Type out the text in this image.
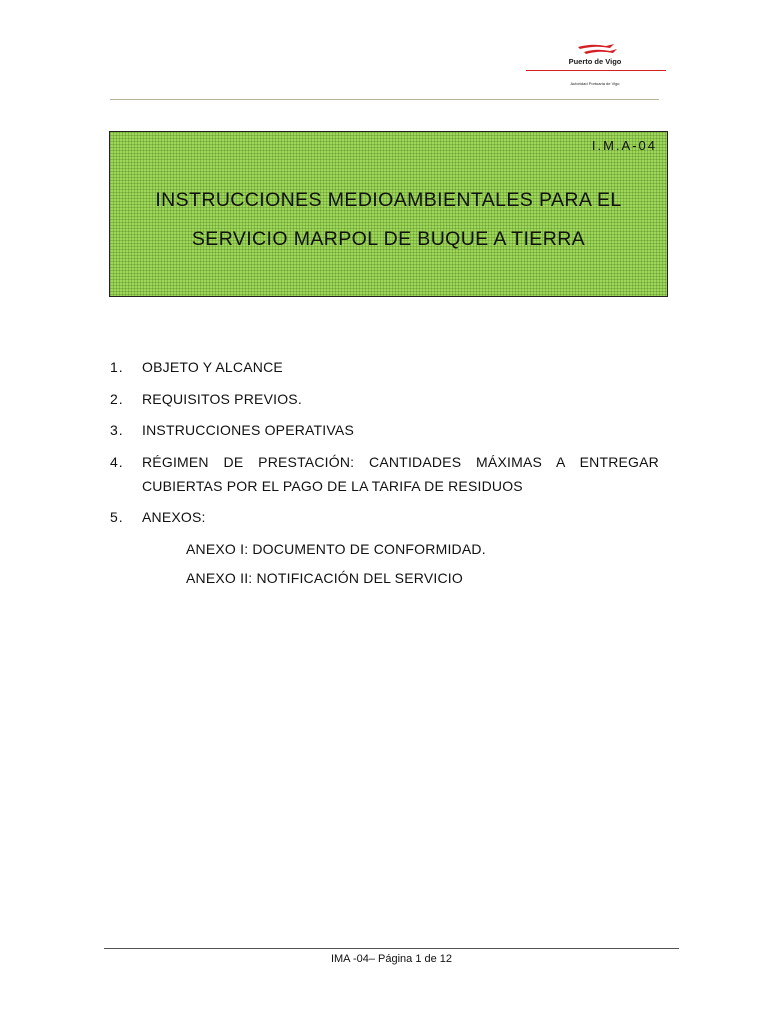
Puerto de Vigo
Autoridad Portuaria de Vigo
I.M.A-04
INSTRUCCIONES MEDIOAMBIENTALES PARA EL
SERVICIO MARPOL DE BUQUE A TIERRA
1. OBJETO Y ALCANCE
2. REQUISITOS PREVIOS.
3. INSTRUCCIONES OPERATIVAS
4. RÉGIMEN DE PRESTACIÓN: CANTIDADES MÁXIMAS A ENTREGAR
CUBIERTAS POR EL PAGO DE LA TARIFA DE RESIDUOS
5. ANEXOS:
ANEXO I: DOCUMENTO DE CONFORMIDAD.
ANEXO II: NOTIFICACIÓN DEL SERVICIO
IMA -04– Página 1 de 12
